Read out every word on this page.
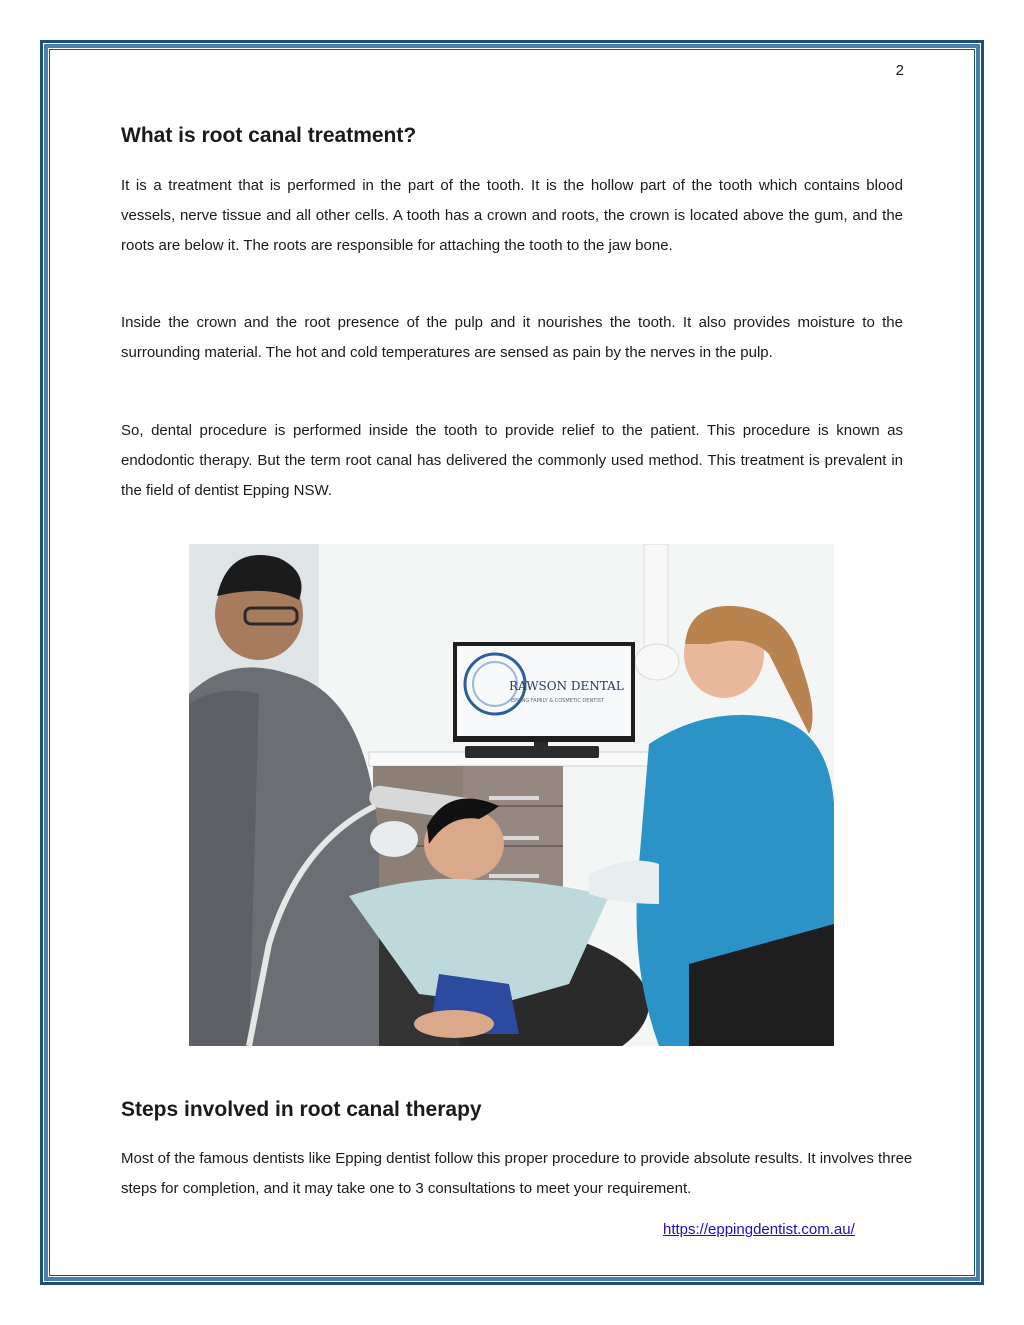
2
What is root canal treatment?

It is a treatment that is performed in the part of the tooth. It is the hollow part of the tooth which contains blood vessels, nerve tissue and all other cells. A tooth has a crown and roots, the crown is located above the gum, and the roots are below it. The roots are responsible for attaching the tooth to the jaw bone.

Inside the crown and the root presence of the pulp and it nourishes the tooth. It also provides moisture to the surrounding material. The hot and cold temperatures are sensed as pain by the nerves in the pulp.

So, dental procedure is performed inside the tooth to provide relief to the patient. This procedure is known as endodontic therapy. But the term root canal has delivered the commonly used method. This treatment is prevalent in the field of dentist Epping NSW.

RAWSON DENTAL
EPPING FAMILY & COSMETIC DENTIST
Steps involved in root canal therapy

Most of the famous dentists like Epping dentist follow this proper procedure to provide absolute results. It involves three steps for completion, and it may take one to 3 consultations to meet your requirement.

https://eppingdentist.com.au/
